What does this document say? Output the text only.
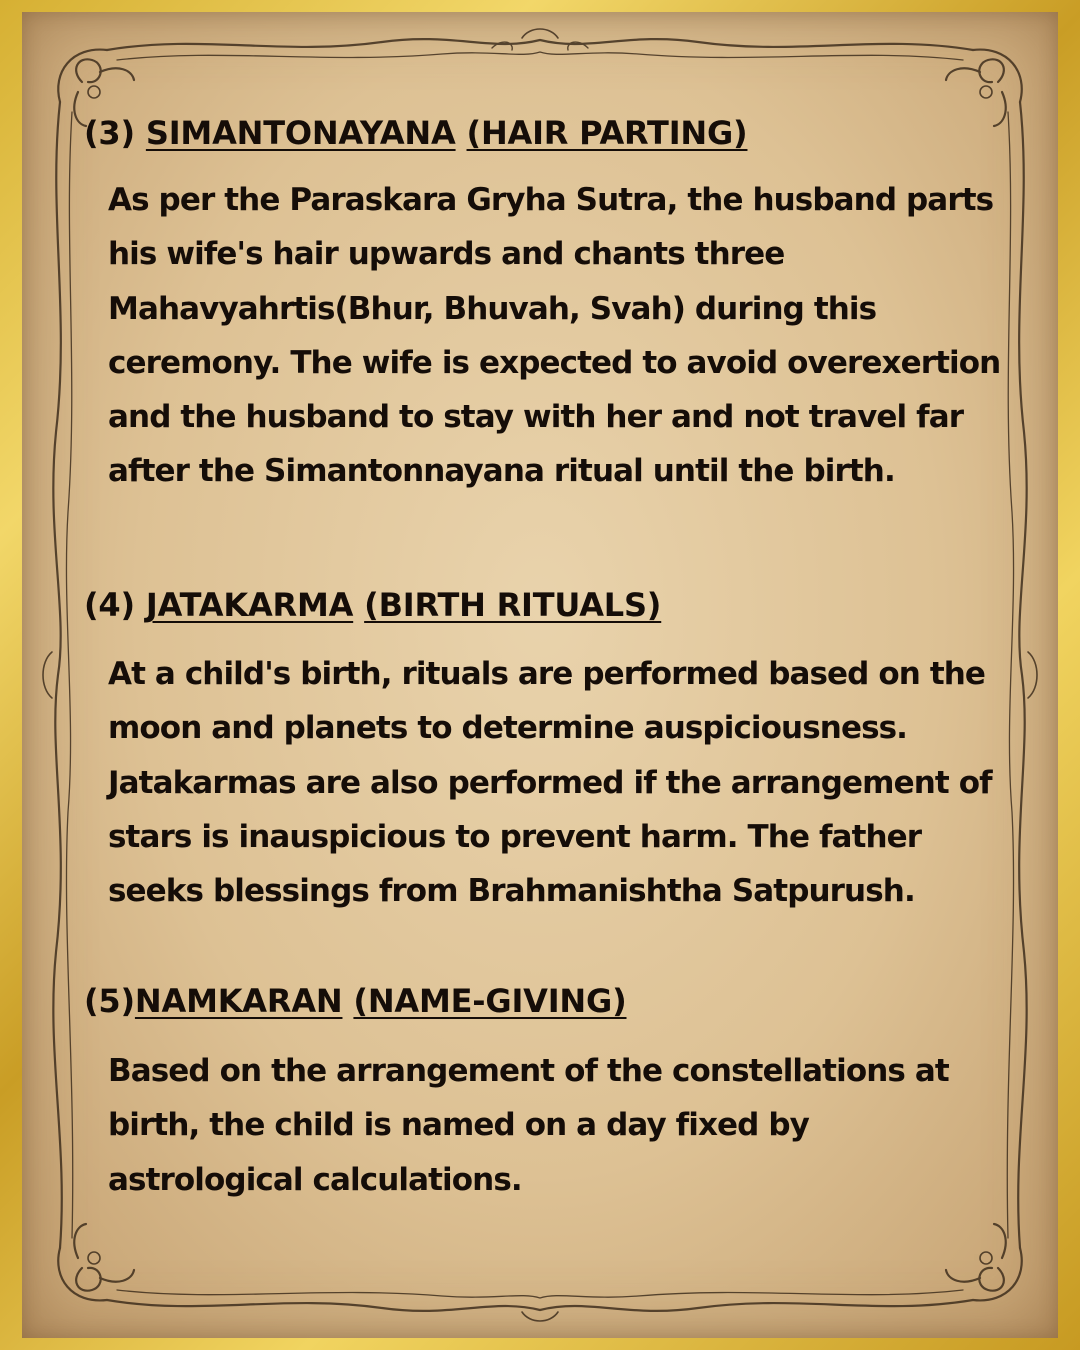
(3) SIMANTONAYANA (HAIR PARTING)

As per the Paraskara Gryha Sutra, the husband parts his wife's hair upwards and chants three Mahavyahrtis(Bhur, Bhuvah, Svah) during this ceremony. The wife is expected to avoid overexertion and the husband to stay with her and not travel far after the Simantonnayana ritual until the birth.

(4) JATAKARMA (BIRTH RITUALS)

At a child's birth, rituals are performed based on the moon and planets to determine auspiciousness. Jatakarmas are also performed if the arrangement of stars is inauspicious to prevent harm. The father seeks blessings from Brahmanishtha Satpurush.

(5)NAMKARAN (NAME-GIVING)

Based on the arrangement of the constellations at birth, the child is named on a day fixed by astrological calculations.
